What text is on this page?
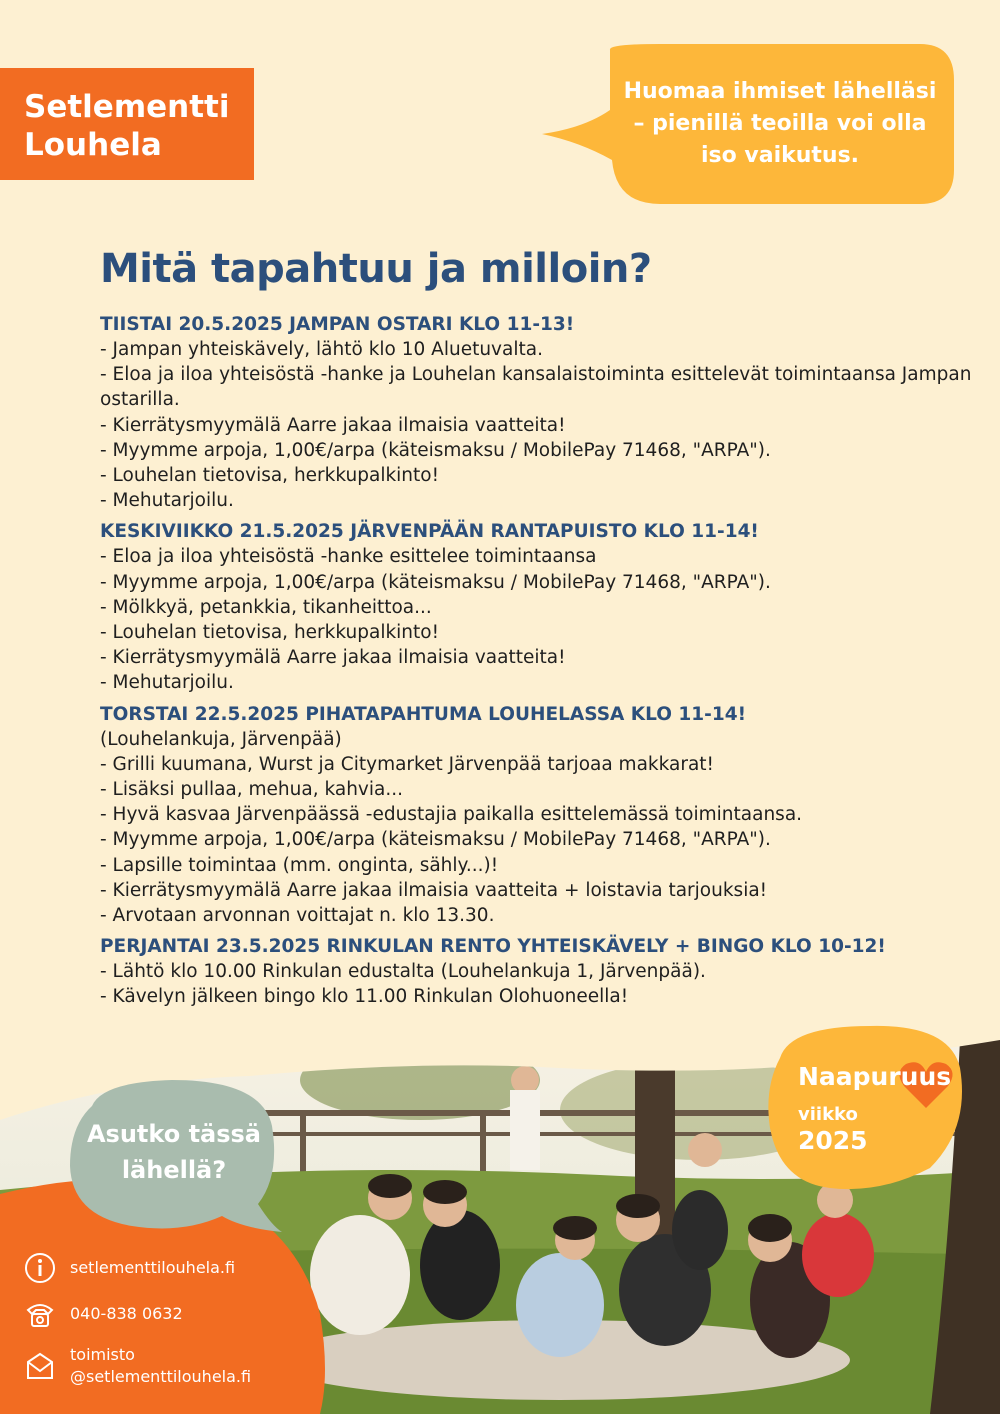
Setlementti
Louhela
Huomaa ihmiset lähelläsi – pienillä teoilla voi olla iso vaikutus.
Mitä tapahtuu ja milloin?
TIISTAI 20.5.2025 JAMPAN OSTARI KLO 11-13!
- Jampan yhteiskävely, lähtö klo 10 Aluetuvalta.
- Eloa ja iloa yhteisöstä -hanke ja Louhelan kansalaistoiminta esittelevät toimintaansa Jampan ostarilla.
- Kierrätysmyymälä Aarre jakaa ilmaisia vaatteita!
- Myymme arpoja, 1,00€/arpa (käteismaksu / MobilePay 71468, "ARPA").
- Louhelan tietovisa, herkkupalkinto!
- Mehutarjoilu.
KESKIVIIKKO 21.5.2025 JÄRVENPÄÄN RANTAPUISTO KLO 11-14!
- Eloa ja iloa yhteisöstä -hanke esittelee toimintaansa
- Myymme arpoja, 1,00€/arpa (käteismaksu / MobilePay 71468, "ARPA").
- Mölkkyä, petankkia, tikanheittoa...
- Louhelan tietovisa, herkkupalkinto!
- Kierrätysmyymälä Aarre jakaa ilmaisia vaatteita!
- Mehutarjoilu.
TORSTAI 22.5.2025 PIHATAPAHTUMA LOUHELASSA KLO 11-14!
(Louhelankuja, Järvenpää)
- Grilli kuumana, Wurst ja Citymarket Järvenpää tarjoaa makkarat!
- Lisäksi pullaa, mehua, kahvia...
- Hyvä kasvaa Järvenpäässä -edustajia paikalla esittelemässä toimintaansa.
- Myymme arpoja, 1,00€/arpa (käteismaksu / MobilePay 71468, "ARPA").
- Lapsille toimintaa (mm. onginta, sähly...)!
- Kierrätysmyymälä Aarre jakaa ilmaisia vaatteita + loistavia tarjouksia!
- Arvotaan arvonnan voittajat n. klo 13.30.
PERJANTAI 23.5.2025 RINKULAN RENTO YHTEISKÄVELY + BINGO KLO 10-12!
- Lähtö klo 10.00 Rinkulan edustalta (Louhelankuja 1, Järvenpää).
- Kävelyn jälkeen bingo klo 11.00 Rinkulan Olohuoneella!
Asutko tässä
lähellä?
Naapuruus
viikko
2025
setlementtilouhela.fi
040-838 0632
toimisto
@setlementtilouhela.fi
